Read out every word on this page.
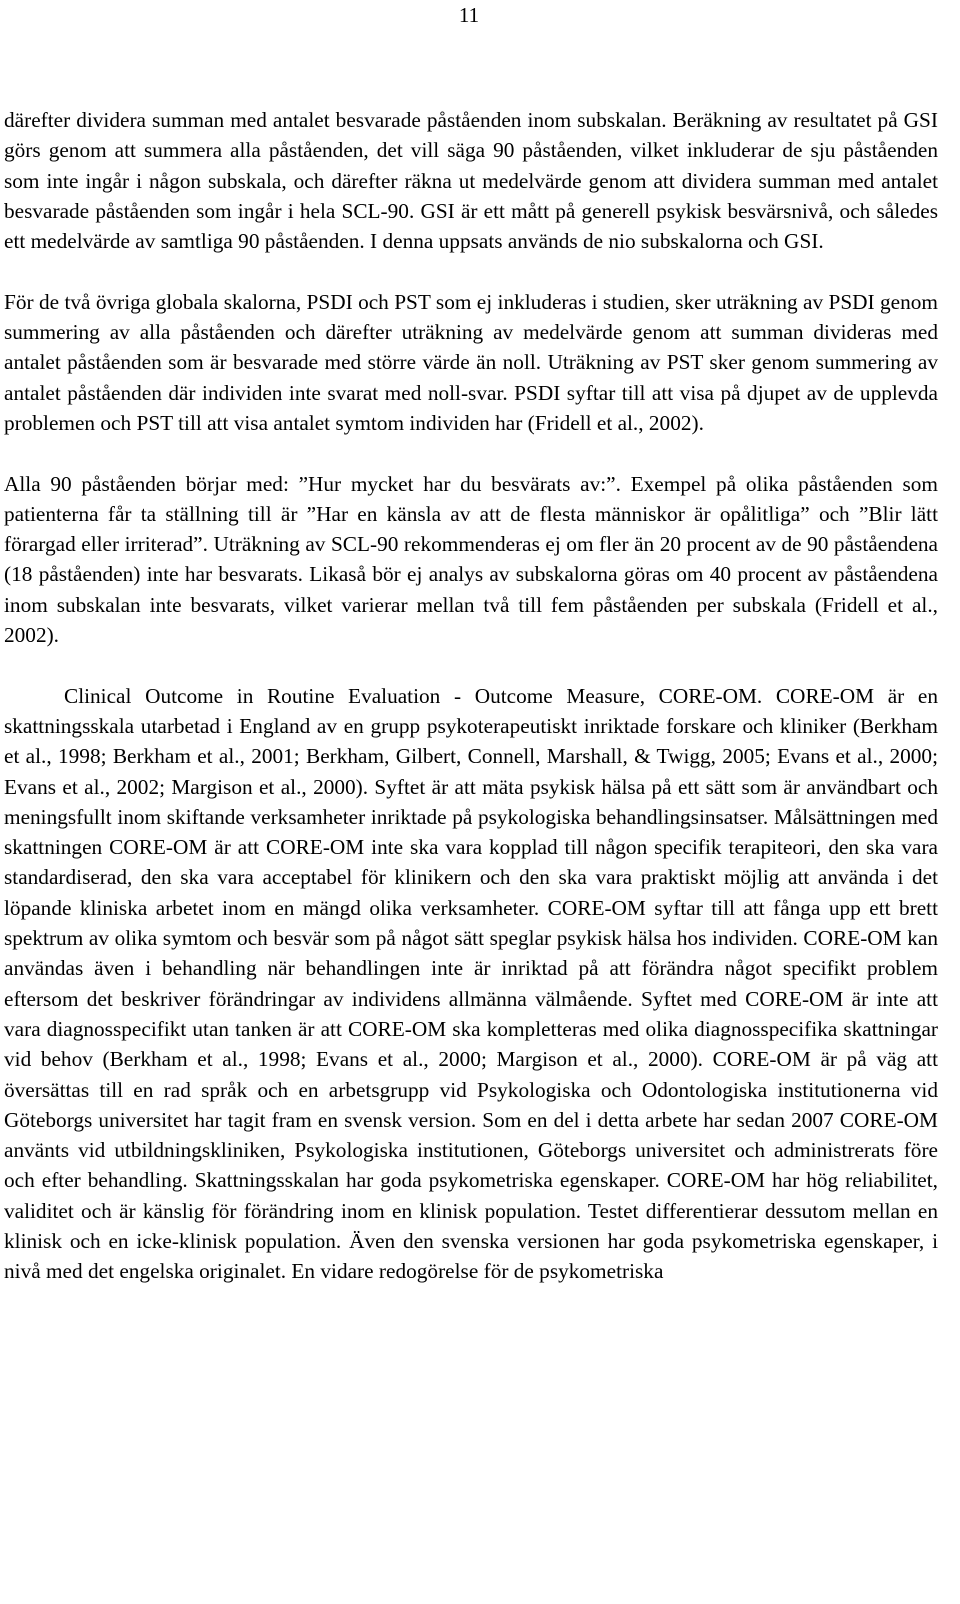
11

därefter dividera summan med antalet besvarade påståenden inom subskalan. Beräkning av resultatet på GSI görs genom att summera alla påståenden, det vill säga 90 påståenden, vilket inkluderar de sju påståenden som inte ingår i någon subskala, och därefter räkna ut medelvärde genom att dividera summan med antalet besvarade påståenden som ingår i hela SCL-90. GSI är ett mått på generell psykisk besvärsnivå, och således ett medelvärde av samtliga 90 påståenden. I denna uppsats används de nio subskalorna och GSI.

För de två övriga globala skalorna, PSDI och PST som ej inkluderas i studien, sker uträkning av PSDI genom summering av alla påståenden och därefter uträkning av medelvärde genom att summan divideras med antalet påståenden som är besvarade med större värde än noll. Uträkning av PST sker genom summering av antalet påståenden där individen inte svarat med noll-svar. PSDI syftar till att visa på djupet av de upplevda problemen och PST till att visa antalet symtom individen har (Fridell et al., 2002).

Alla 90 påståenden börjar med: ”Hur mycket har du besvärats av:”. Exempel på olika påståenden som patienterna får ta ställning till är ”Har en känsla av att de flesta människor är opålitliga” och ”Blir lätt förargad eller irriterad”. Uträkning av SCL-90 rekommenderas ej om fler än 20 procent av de 90 påståendena (18 påståenden) inte har besvarats. Likaså bör ej analys av subskalorna göras om 40 procent av påståendena inom subskalan inte besvarats, vilket varierar mellan två till fem påståenden per subskala (Fridell et al., 2002).

Clinical Outcome in Routine Evaluation - Outcome Measure, CORE-OM. CORE-OM är en skattningsskala utarbetad i England av en grupp psykoterapeutiskt inriktade forskare och kliniker (Berkham et al., 1998; Berkham et al., 2001; Berkham, Gilbert, Connell, Marshall, & Twigg, 2005; Evans et al., 2000; Evans et al., 2002; Margison et al., 2000). Syftet är att mäta psykisk hälsa på ett sätt som är användbart och meningsfullt inom skiftande verksamheter inriktade på psykologiska behandlingsinsatser. Målsättningen med skattningen CORE-OM är att CORE-OM inte ska vara kopplad till någon specifik terapiteori, den ska vara standardiserad, den ska vara acceptabel för klinikern och den ska vara praktiskt möjlig att använda i det löpande kliniska arbetet inom en mängd olika verksamheter. CORE-OM syftar till att fånga upp ett brett spektrum av olika symtom och besvär som på något sätt speglar psykisk hälsa hos individen. CORE-OM kan användas även i behandling när behandlingen inte är inriktad på att förändra något specifikt problem eftersom det beskriver förändringar av individens allmänna välmående. Syftet med CORE-OM är inte att vara diagnosspecifikt utan tanken är att CORE-OM ska kompletteras med olika diagnosspecifika skattningar vid behov (Berkham et al., 1998; Evans et al., 2000; Margison et al., 2000). CORE-OM är på väg att översättas till en rad språk och en arbetsgrupp vid Psykologiska och Odontologiska institutionerna vid Göteborgs universitet har tagit fram en svensk version. Som en del i detta arbete har sedan 2007 CORE-OM använts vid utbildningskliniken, Psykologiska institutionen, Göteborgs universitet och administrerats före och efter behandling. Skattningsskalan har goda psykometriska egenskaper. CORE-OM har hög reliabilitet, validitet och är känslig för förändring inom en klinisk population. Testet differentierar dessutom mellan en klinisk och en icke-klinisk population. Även den svenska versionen har goda psykometriska egenskaper, i nivå med det engelska originalet. En vidare redogörelse för de psykometriska
